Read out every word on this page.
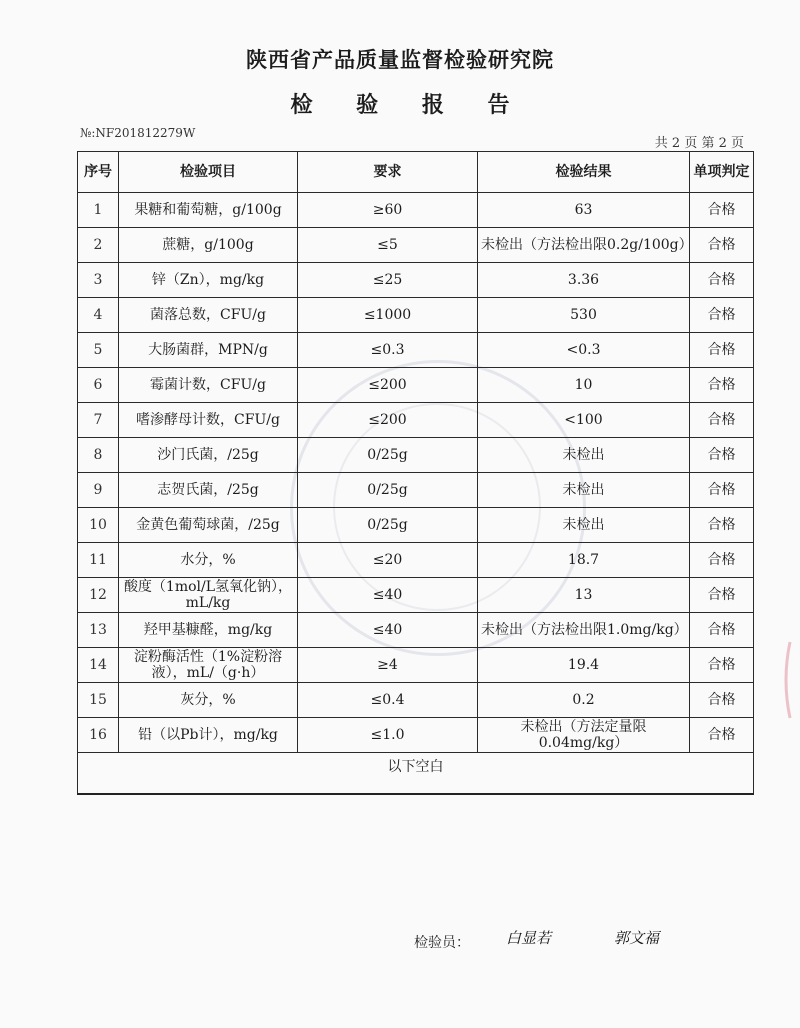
陕西省产品质量监督检验研究院
检 验 报 告
№:NF201812279W
共 2 页 第 2 页
序号	检验项目	要求	检验结果	单项判定
1	果糖和葡萄糖，g/100g	≥60	63	合格
2	蔗糖，g/100g	≤5	未检出（方法检出限0.2g/100g）	合格
3	锌（Zn），mg/kg	≤25	3.36	合格
4	菌落总数，CFU/g	≤1000	530	合格
5	大肠菌群，MPN/g	≤0.3	<0.3	合格
6	霉菌计数，CFU/g	≤200	10	合格
7	嗜渗酵母计数，CFU/g	≤200	<100	合格
8	沙门氏菌，/25g	0/25g	未检出	合格
9	志贺氏菌，/25g	0/25g	未检出	合格
10	金黄色葡萄球菌，/25g	0/25g	未检出	合格
11	水分，%	≤20	18.7	合格
12	酸度（1mol/L氢氧化钠），mL/kg	≤40	13	合格
13	羟甲基糠醛，mg/kg	≤40	未检出（方法检出限1.0mg/kg）	合格
14	淀粉酶活性（1%淀粉溶液），mL/（g·h）	≥4	19.4	合格
15	灰分，%	≤0.4	0.2	合格
16	铅（以Pb计），mg/kg	≤1.0	未检出（方法定量限0.04mg/kg）	合格
以下空白				
检验员： 白显若	郭文福
